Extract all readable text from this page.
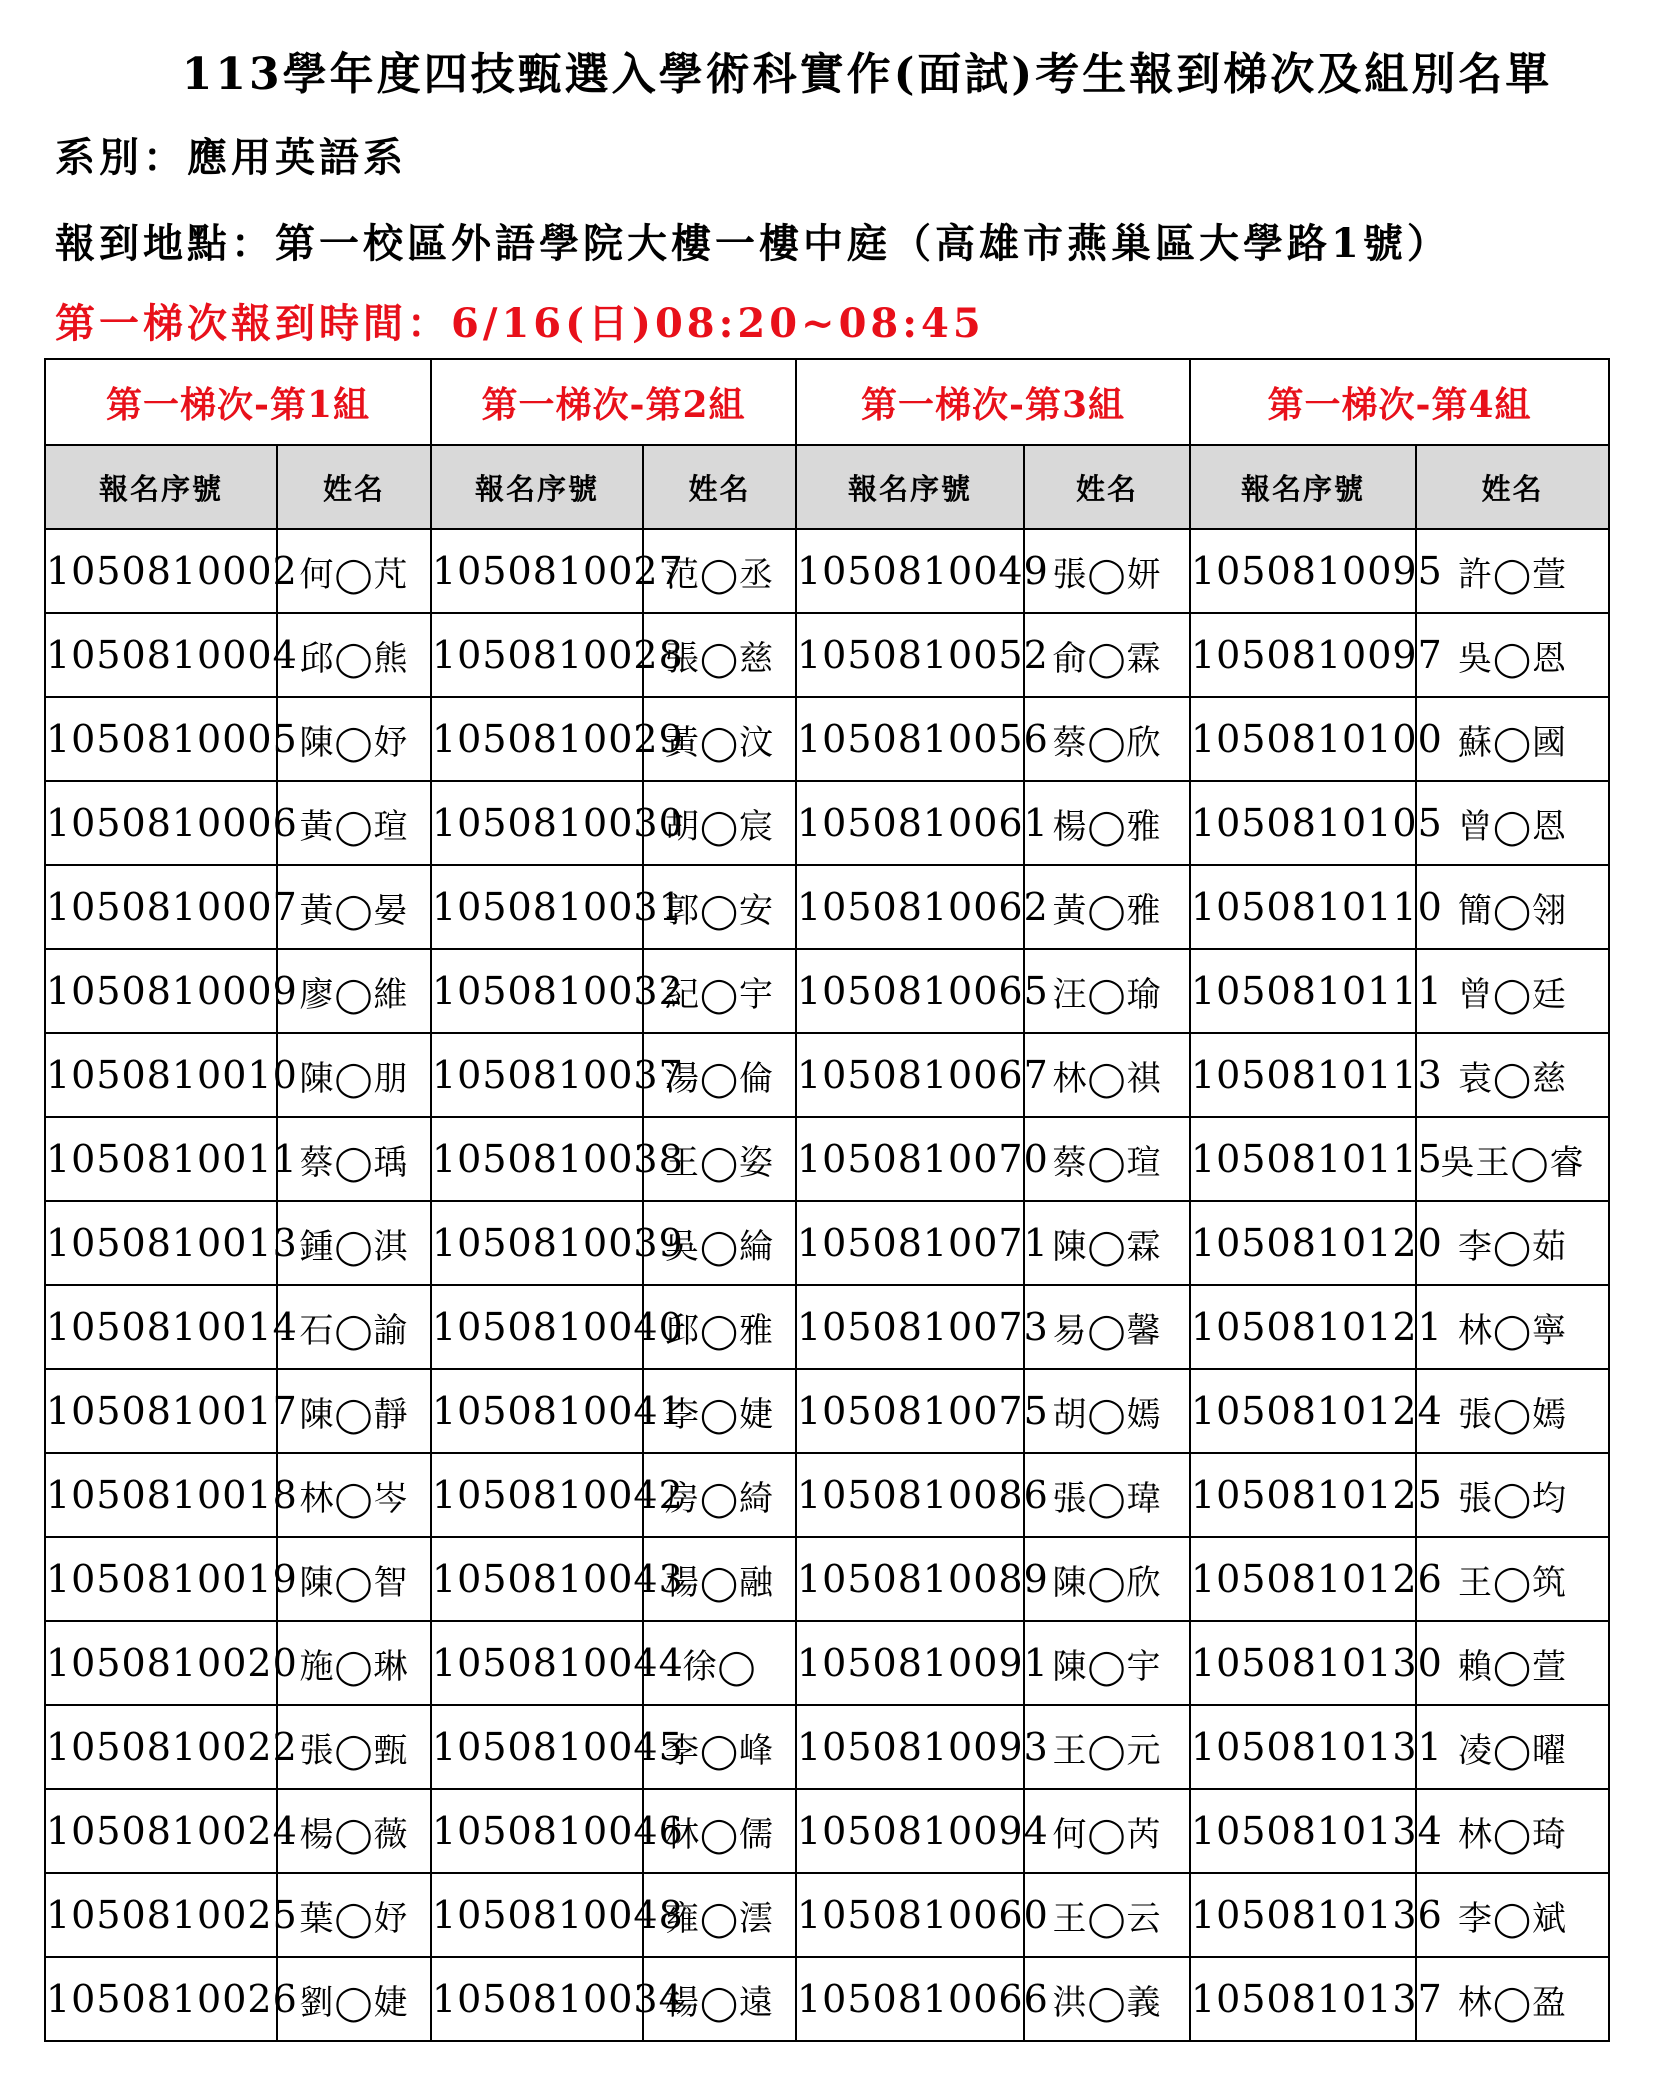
113學年度四技甄選入學術科實作(面試)考生報到梯次及組別名單
系別：應用英語系
報到地點：第一校區外語學院大樓一樓中庭（高雄市燕巢區大學路1號）
第一梯次報到時間：6/16(日)08:20~08:45
第一梯次-第1組		第一梯次-第2組		第一梯次-第3組		第一梯次-第4組	
報名序號	姓名	報名序號	姓名	報名序號	姓名	報名序號	姓名
1050810002	何◯芃	1050810027	范◯丞	1050810049	張◯妍	1050810095	許◯萱
1050810004	邱◯熊	1050810028	張◯慈	1050810052	俞◯霖	1050810097	吳◯恩
1050810005	陳◯妤	1050810029	黃◯汶	1050810056	蔡◯欣	1050810100	蘇◯國
1050810006	黃◯瑄	1050810030	胡◯宸	1050810061	楊◯雅	1050810105	曾◯恩
1050810007	黃◯晏	1050810031	郭◯安	1050810062	黃◯雅	1050810110	簡◯翎
1050810009	廖◯維	1050810032	紀◯宇	1050810065	汪◯瑜	1050810111	曾◯廷
1050810010	陳◯朋	1050810037	湯◯倫	1050810067	林◯祺	1050810113	袁◯慈
1050810011	蔡◯瑀	1050810038	王◯姿	1050810070	蔡◯瑄	1050810115	吳王◯睿
1050810013	鍾◯淇	1050810039	吳◯綸	1050810071	陳◯霖	1050810120	李◯茹
1050810014	石◯諭	1050810040	邱◯雅	1050810073	易◯馨	1050810121	林◯寧
1050810017	陳◯靜	1050810041	李◯婕	1050810075	胡◯嫣	1050810124	張◯嫣
1050810018	林◯岑	1050810042	房◯綺	1050810086	張◯瑋	1050810125	張◯均
1050810019	陳◯智	1050810043	楊◯融	1050810089	陳◯欣	1050810126	王◯筑
1050810020	施◯琳	1050810044	徐◯	1050810091	陳◯宇	1050810130	賴◯萱
1050810022	張◯甄	1050810045	李◯峰	1050810093	王◯元	1050810131	凌◯曜
1050810024	楊◯薇	1050810046	林◯儒	1050810094	何◯芮	1050810134	林◯琦
1050810025	葉◯妤	1050810048	雍◯澐	1050810060	王◯云	1050810136	李◯斌
1050810026	劉◯婕	1050810034	楊◯遠	1050810066	洪◯義	1050810137	林◯盈
